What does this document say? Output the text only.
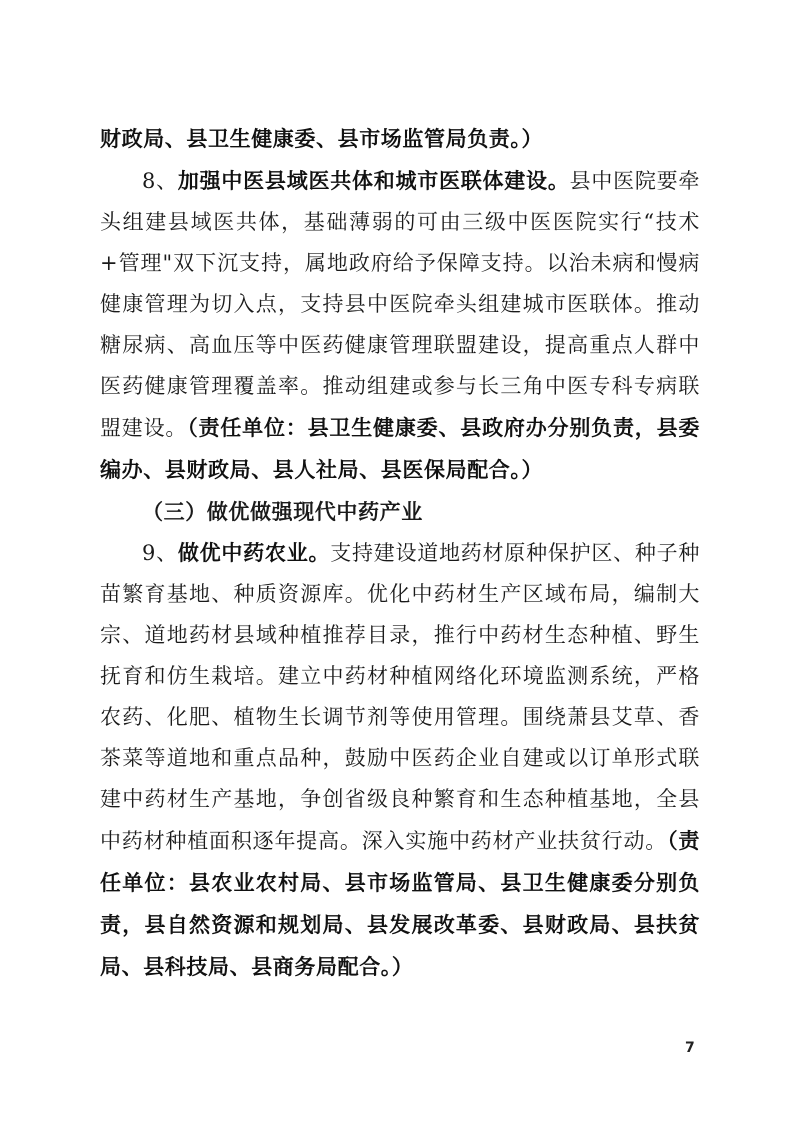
财政局、县卫生健康委、县市场监管局负责。）

8、加强中医县域医共体和城市医联体建设。县中医院要牵头组建县域医共体，基础薄弱的可由三级中医医院实行“技术+管理"双下沉支持，属地政府给予保障支持。以治未病和慢病健康管理为切入点，支持县中医院牵头组建城市医联体。推动糖尿病、高血压等中医药健康管理联盟建设，提高重点人群中医药健康管理覆盖率。推动组建或参与长三角中医专科专病联盟建设。（责任单位：县卫生健康委、县政府办分别负责，县委编办、县财政局、县人社局、县医保局配合。）

（三）做优做强现代中药产业

9、做优中药农业。支持建设道地药材原种保护区、种子种苗繁育基地、种质资源库。优化中药材生产区域布局，编制大宗、道地药材县域种植推荐目录，推行中药材生态种植、野生抚育和仿生栽培。建立中药材种植网络化环境监测系统，严格农药、化肥、植物生长调节剂等使用管理。围绕萧县艾草、香茶菜等道地和重点品种，鼓励中医药企业自建或以订单形式联建中药材生产基地，争创省级良种繁育和生态种植基地，全县中药材种植面积逐年提高。深入实施中药材产业扶贫行动。（责任单位：县农业农村局、县市场监管局、县卫生健康委分别负责，县自然资源和规划局、县发展改革委、县财政局、县扶贫局、县科技局、县商务局配合。）

7
